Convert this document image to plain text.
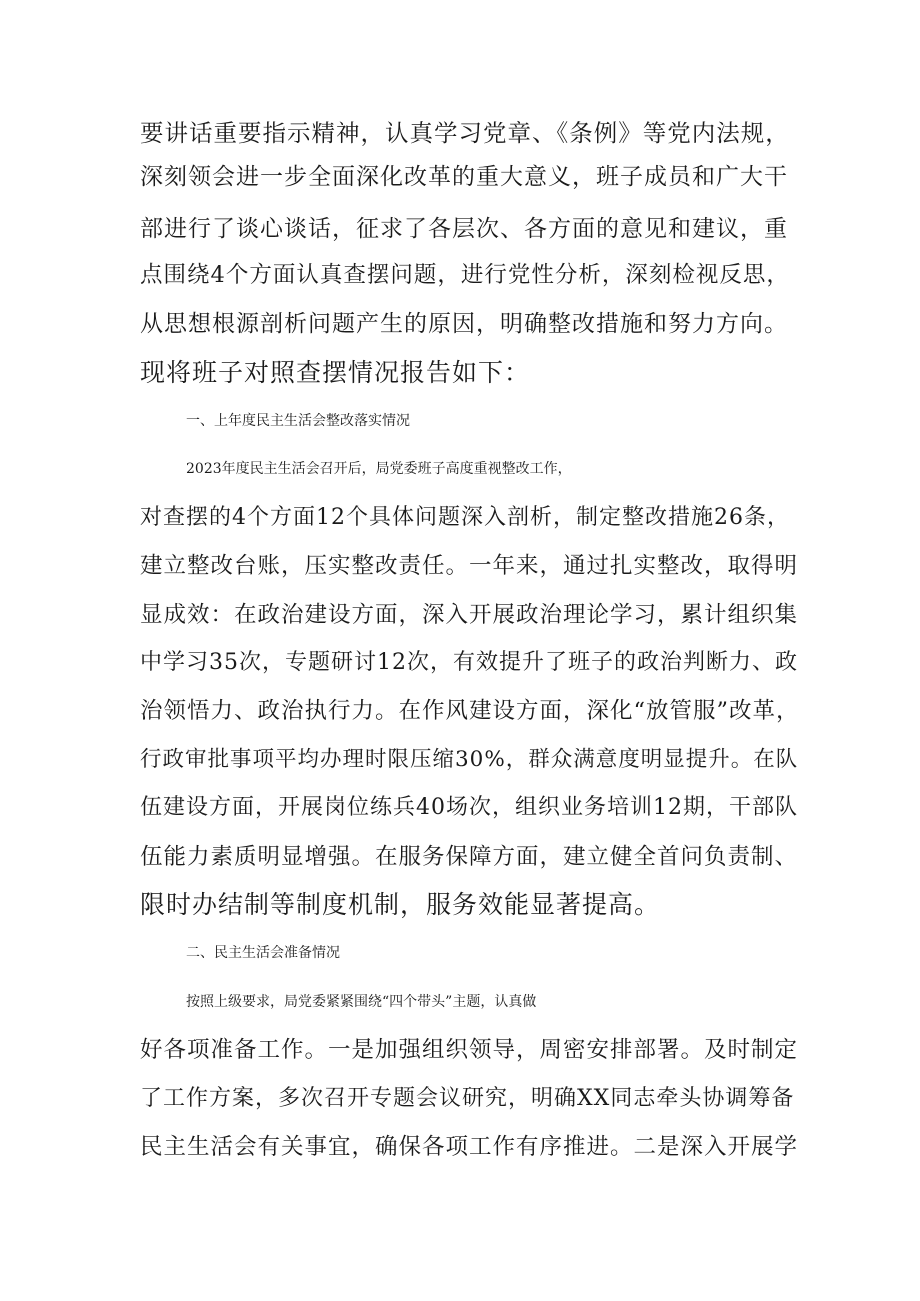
要讲话重要指示精神，认真学习党章、《条例》等党内法规，
深刻领会进一步全面深化改革的重大意义，班子成员和广大干
部进行了谈心谈话，征求了各层次、各方面的意见和建议，重
点围绕4个方面认真查摆问题，进行党性分析，深刻检视反思，
从思想根源剖析问题产生的原因，明确整改措施和努力方向。
现将班子对照查摆情况报告如下：
一、上年度民主生活会整改落实情况
2023年度民主生活会召开后，局党委班子高度重视整改工作，
对查摆的4个方面12个具体问题深入剖析，制定整改措施26条，
建立整改台账，压实整改责任。一年来，通过扎实整改，取得明
显成效：在政治建设方面，深入开展政治理论学习，累计组织集
中学习35次，专题研讨12次，有效提升了班子的政治判断力、政
治领悟力、政治执行力。在作风建设方面，深化“放管服”改革，
行政审批事项平均办理时限压缩30%，群众满意度明显提升。在队
伍建设方面，开展岗位练兵40场次，组织业务培训12期，干部队
伍能力素质明显增强。在服务保障方面，建立健全首问负责制、
限时办结制等制度机制，服务效能显著提高。
二、民主生活会准备情况
按照上级要求，局党委紧紧围绕“四个带头”主题，认真做
好各项准备工作。一是加强组织领导，周密安排部署。及时制定
了工作方案，多次召开专题会议研究，明确XX同志牵头协调筹备
民主生活会有关事宜，确保各项工作有序推进。二是深入开展学
